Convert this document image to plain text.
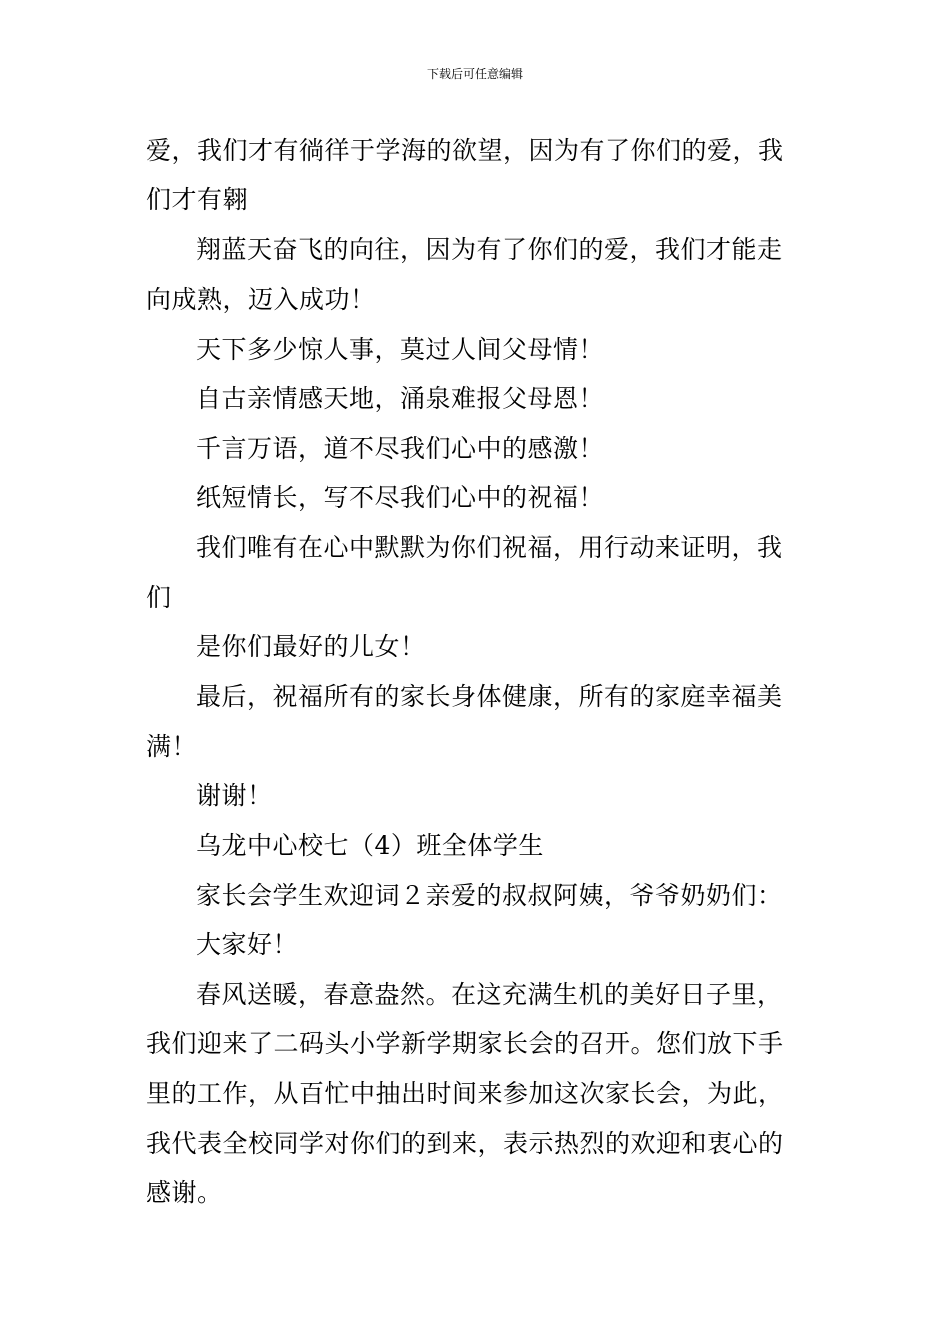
下载后可任意编辑
爱，我们才有徜徉于学海的欲望，因为有了你们的爱，我
们才有翱
翔蓝天奋飞的向往，因为有了你们的爱，我们才能走
向成熟，迈入成功！
天下多少惊人事，莫过人间父母情！
自古亲情感天地，涌泉难报父母恩！
千言万语，道不尽我们心中的感激！
纸短情长，写不尽我们心中的祝福！
我们唯有在心中默默为你们祝福，用行动来证明，我
们
是你们最好的儿女！
最后，祝福所有的家长身体健康，所有的家庭幸福美
满！
谢谢！
乌龙中心校七（4）班全体学生
家长会学生欢迎词２亲爱的叔叔阿姨，爷爷奶奶们：
大家好！
春风送暖，春意盎然。在这充满生机的美好日子里，
我们迎来了二码头小学新学期家长会的召开。您们放下手
里的工作，从百忙中抽出时间来参加这次家长会，为此，
我代表全校同学对你们的到来，表示热烈的欢迎和衷心的
感谢。
